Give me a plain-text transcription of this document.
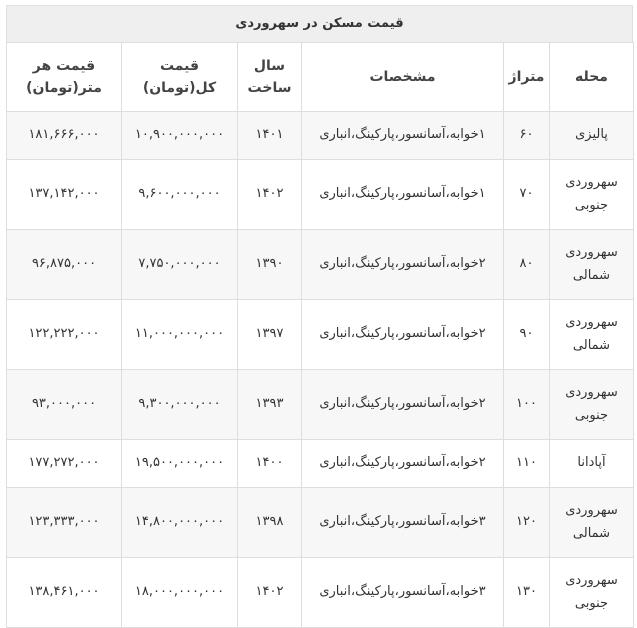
قیمت مسکن در سهروردی
محله	متراژ	مشخصات	سال ساخت	قیمت کل(تومان)	قیمت هر متر(تومان)
پالیزی	۶۰	۱خوابه،آسانسور،پارکینگ،انباری	۱۴۰۱	۱۰,۹۰۰,۰۰۰,۰۰۰	۱۸۱,۶۶۶,۰۰۰
سهروردی جنوبی	۷۰	۱خوابه،آسانسور،پارکینگ،انباری	۱۴۰۲	۹,۶۰۰,۰۰۰,۰۰۰	۱۳۷,۱۴۲,۰۰۰
سهروردی شمالی	۸۰	۲خوابه،آسانسور،پارکینگ،انباری	۱۳۹۰	۷,۷۵۰,۰۰۰,۰۰۰	۹۶,۸۷۵,۰۰۰
سهروردی شمالی	۹۰	۲خوابه،آسانسور،پارکینگ،انباری	۱۳۹۷	۱۱,۰۰۰,۰۰۰,۰۰۰	۱۲۲,۲۲۲,۰۰۰
سهروردی جنوبی	۱۰۰	۲خوابه،آسانسور،پارکینگ،انباری	۱۳۹۳	۹,۳۰۰,۰۰۰,۰۰۰	۹۳,۰۰۰,۰۰۰
آپادانا	۱۱۰	۲خوابه،آسانسور،پارکینگ،انباری	۱۴۰۰	۱۹,۵۰۰,۰۰۰,۰۰۰	۱۷۷,۲۷۲,۰۰۰
سهروردی شمالی	۱۲۰	۳خوابه،آسانسور،پارکینگ،انباری	۱۳۹۸	۱۴,۸۰۰,۰۰۰,۰۰۰	۱۲۳,۳۳۳,۰۰۰
سهروردی جنوبی	۱۳۰	۳خوابه،آسانسور،پارکینگ،انباری	۱۴۰۲	۱۸,۰۰۰,۰۰۰,۰۰۰	۱۳۸,۴۶۱,۰۰۰
